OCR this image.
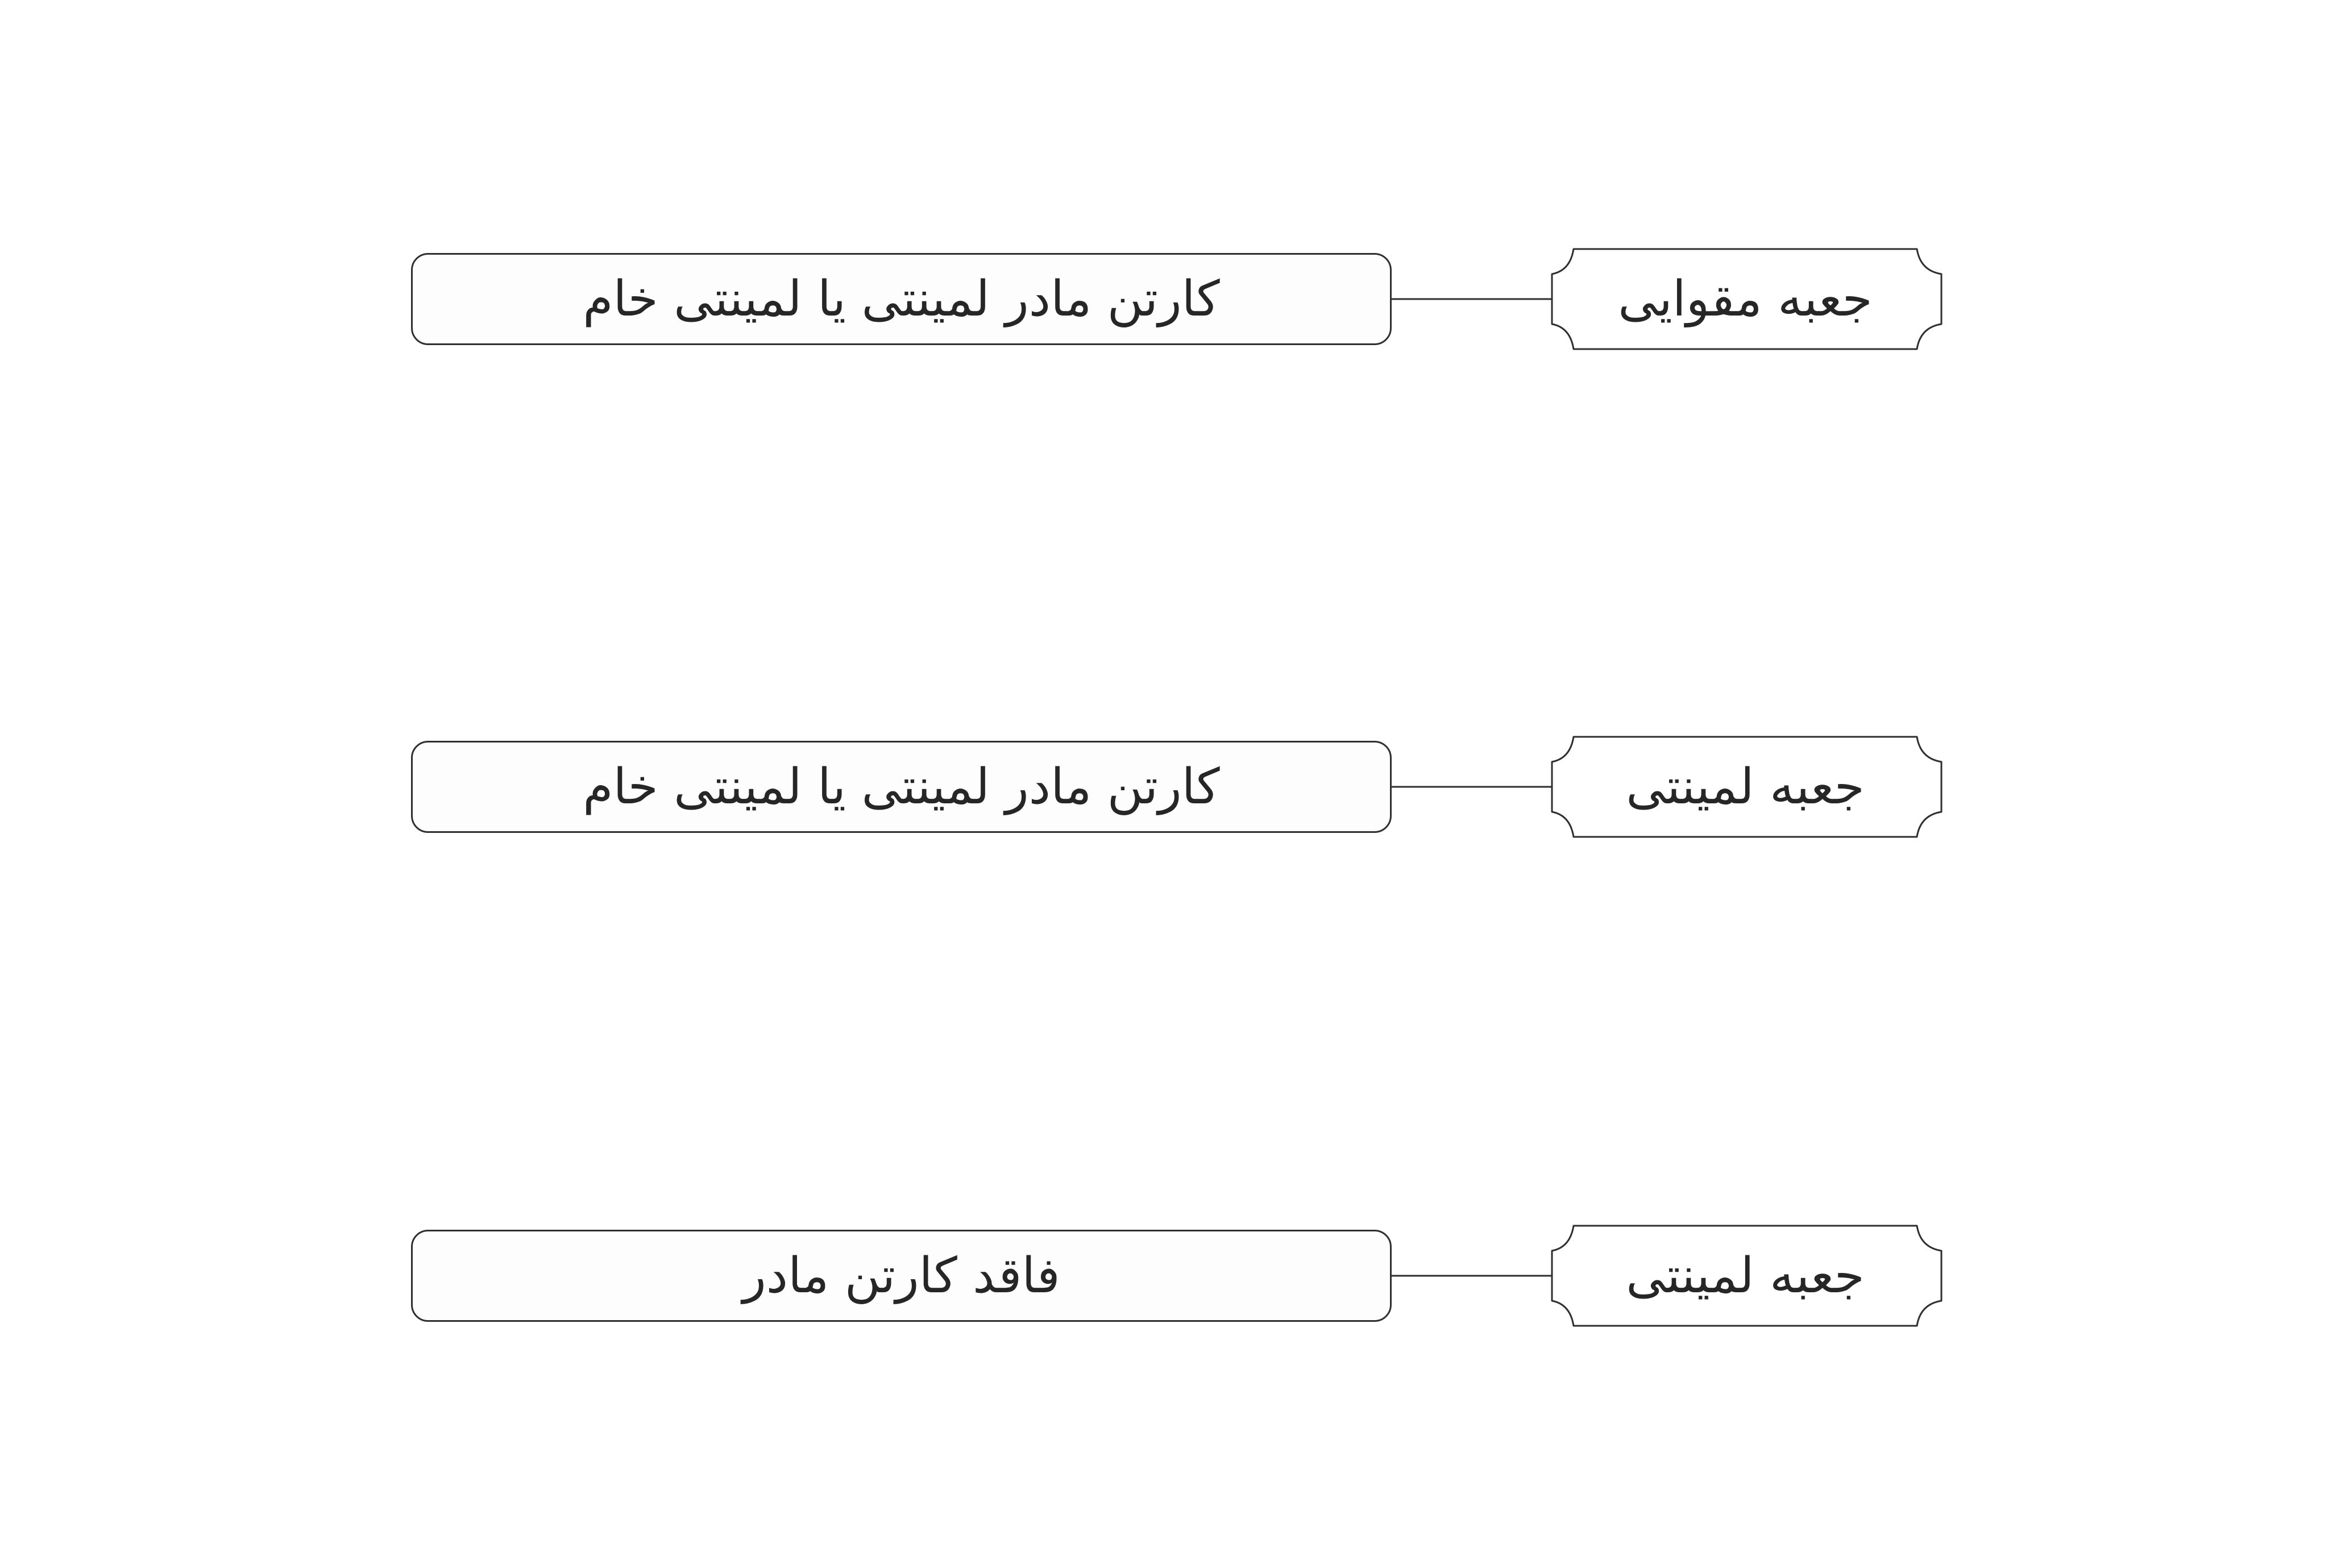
کارتن مادر لمینتی یا لمینتی خام	جعبه مقوایی
کارتن مادر لمینتی یا لمینتی خام	جعبه لمینتی
فاقد کارتن مادر	جعبه لمینتی
